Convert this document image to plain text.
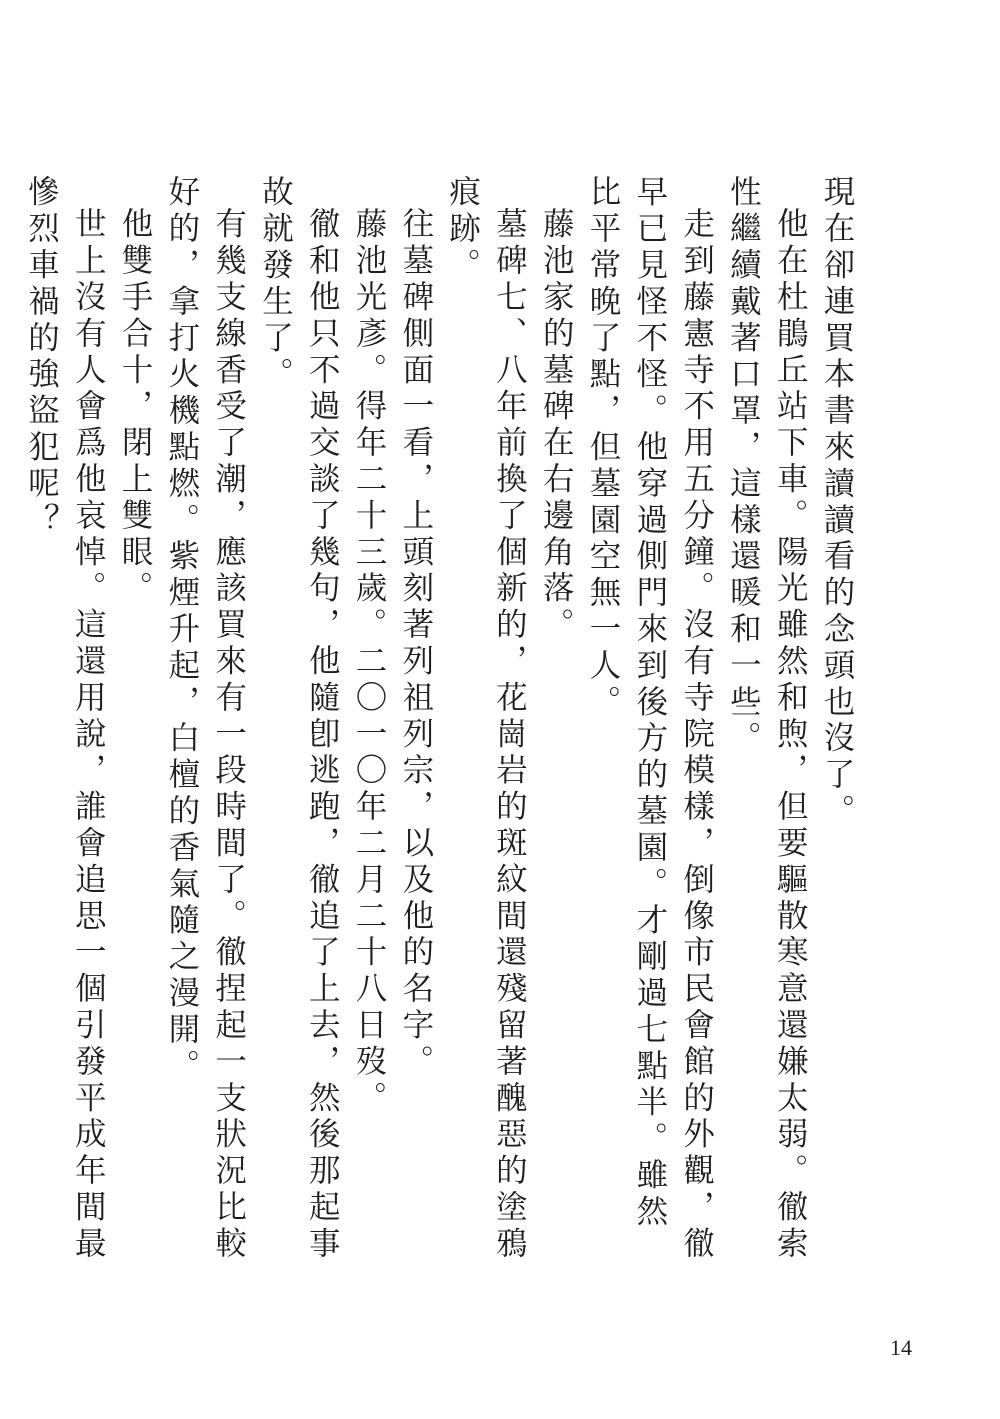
現在卻連買本書來讀讀看的念頭也沒了。

他在杜鵑丘站下車。陽光雖然和煦，但要驅散寒意還嫌太弱。徹索性繼續戴著口罩，這樣還暖和一些。

走到藤憲寺不用五分鐘。沒有寺院模樣，倒像市民會館的外觀，徹早已見怪不怪。他穿過側門來到後方的墓園。才剛過七點半。雖然比平常晚了點，但墓園空無一人。

藤池家的墓碑在右邊角落。

墓碑七、八年前換了個新的，花崗岩的斑紋間還殘留著醜惡的塗鴉痕跡。

往墓碑側面一看，上頭刻著列祖列宗，以及他的名字。

藤池光彥。得年二十三歲。二〇一〇年二月二十八日歿。

徹和他只不過交談了幾句，他隨卽逃跑，徹追了上去，然後那起事故就發生了。

有幾支線香受了潮，應該買來有一段時間了。徹捏起一支狀況比較好的，拿打火機點燃。紫煙升起，白檀的香氣隨之漫開。

他雙手合十，閉上雙眼。

世上沒有人會爲他哀悼。這還用說，誰會追思一個引發平成年間最慘烈車禍的強盜犯呢？

14
